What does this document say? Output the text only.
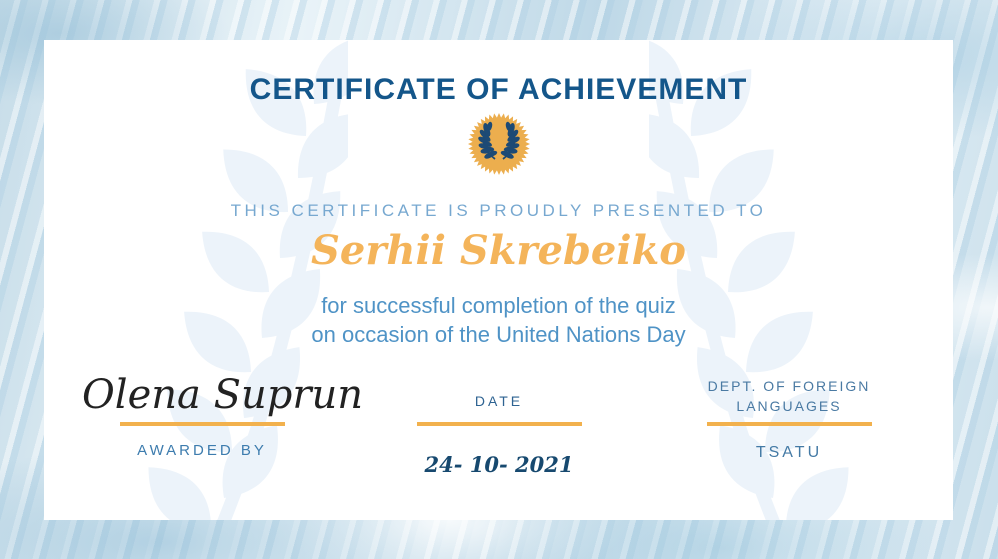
CERTIFICATE OF ACHIEVEMENT
THIS CERTIFICATE IS PROUDLY PRESENTED TO
Serhii Skrebeiko
for successful completion of the quiz
on occasion of the United Nations Day
Olena Suprun
AWARDED BY
DATE
24- 10- 2021
DEPT. OF FOREIGN LANGUAGES
TSATU
